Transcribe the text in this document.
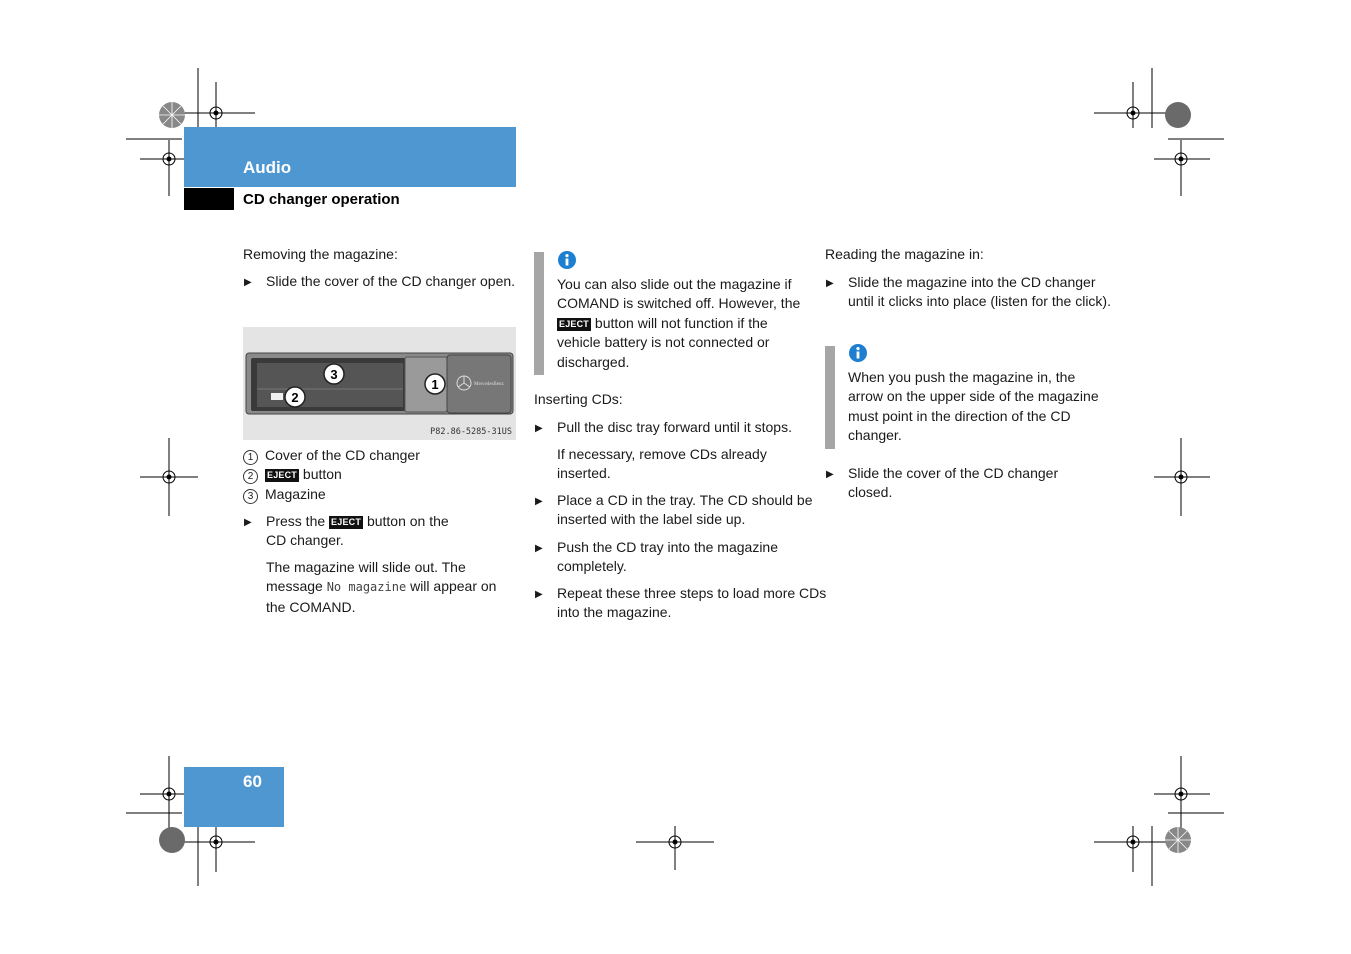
Audio
CD changer operation
Removing the magazine:
▶ Slide the cover of the CD changer open.
MercedesBenz
3
2
1
P82.86-5285-31US
1 Cover of the CD changer
2 EJECT button
3 Magazine
▶ Press the EJECT button on the
CD changer.
The magazine will slide out. The
message No magazine will appear on
the COMAND.
You can also slide out the magazine if
COMAND is switched off. However, the
EJECT button will not function if the
vehicle battery is not connected or
discharged.
Inserting CDs:
▶ Pull the disc tray forward until it stops.
If necessary, remove CDs already inserted.
▶ Place a CD in the tray. The CD should be inserted with the label side up.
▶ Push the CD tray into the magazine completely.
▶ Repeat these three steps to load more CDs into the magazine.
Reading the magazine in:
▶ Slide the magazine into the CD changer until it clicks into place (listen for the click).
When you push the magazine in, the arrow on the upper side of the magazine must point in the direction of the CD changer.
▶ Slide the cover of the CD changer closed.
60
